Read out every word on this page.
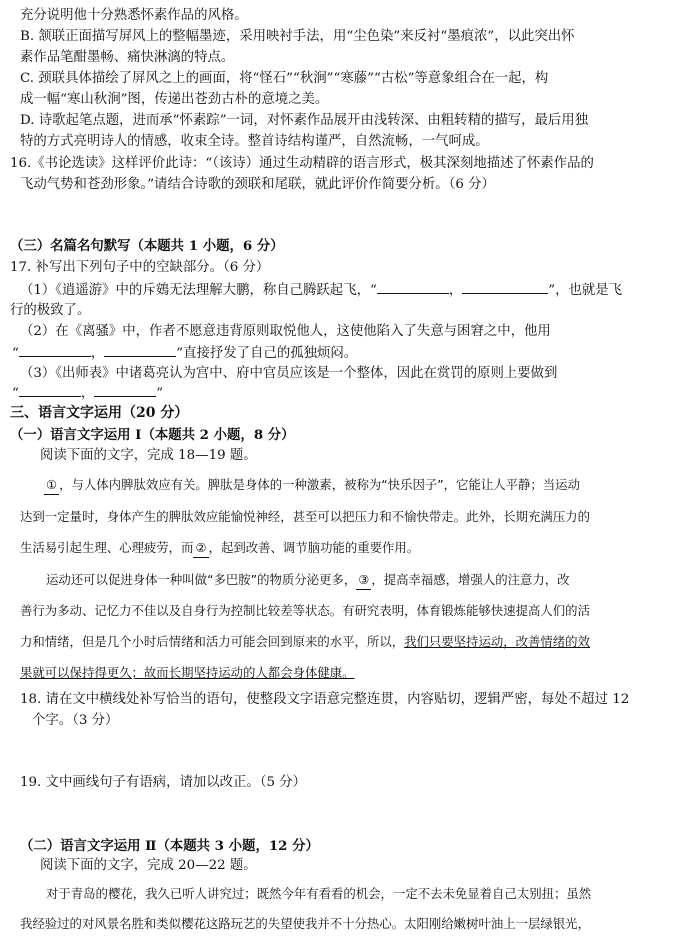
充分说明他十分熟悉怀素作品的风格。
B. 颔联正面描写屏风上的整幅墨迹，采用映衬手法，用“尘色染”来反衬“墨痕浓”，以此突出怀
素作品笔酣墨畅、痛快淋漓的特点。
C. 颈联具体描绘了屏风之上的画面，将“怪石”“秋涧”“寒藤”“古松”等意象组合在一起，构
成一幅“寒山秋涧”图，传递出苍劲古朴的意境之美。
D. 诗歌起笔点题，进而承“怀素踪”一词，对怀素作品展开由浅转深、由粗转精的描写，最后用独
特的方式亮明诗人的情感，收束全诗。整首诗结构谨严，自然流畅，一气呵成。
16.《书论选读》这样评价此诗：“（该诗）通过生动精辟的语言形式，极其深刻地描述了怀素作品的
飞动气势和苍劲形象。”请结合诗歌的颈联和尾联，就此评价作简要分析。（6 分）
（三）名篇名句默写（本题共 1 小题，6 分）
17. 补写出下列句子中的空缺部分。（6 分）
（1）《逍遥游》中的斥鴳无法理解大鹏，称自己腾跃起飞，“	，	”，也就是飞
行的极致了。
（2）在《离骚》中，作者不愿意违背原则取悦他人，这使他陷入了失意与困窘之中，他用
“	，	”直接抒发了自己的孤独烦闷。
（3）《出师表》中诸葛亮认为宫中、府中官员应该是一个整体，因此在赏罚的原则上要做到
“	，	”
三、语言文字运用（20 分）
（一）语言文字运用 Ⅰ（本题共 2 小题，8 分）
阅读下面的文字，完成 18—19 题。
① ，与人体内脾肽效应有关。脾肽是身体的一种激素，被称为“快乐因子”，它能让人平静；当运动
达到一定量时，身体产生的脾肽效应能愉悦神经，甚至可以把压力和不愉快带走。此外，长期充满压力的
生活易引起生理、心理疲劳，而 ② ，起到改善、调节脑功能的重要作用。
运动还可以促进身体一种叫做“多巴胺”的物质分泌更多， ③ ，提高幸福感，增强人的注意力，改
善行为多动、记忆力不佳以及自身行为控制比较差等状态。有研究表明，体育锻炼能够快速提高人们的活
力和情绪，但是几个小时后情绪和活力可能会回到原来的水平，所以，我们只要坚持运动，改善情绪的效
果就可以保持得更久；故而长期坚持运动的人都会身体健康。
18. 请在文中横线处补写恰当的语句，使整段文字语意完整连贯，内容贴切，逻辑严密，每处不超过 12
个字。（3 分）
19. 文中画线句子有语病，请加以改正。（5 分）
（二）语言文字运用 Ⅱ（本题共 3 小题，12 分）
阅读下面的文字，完成 20—22 题。
对于青岛的樱花，我久已听人讲究过；既然今年有看看的机会，一定不去未免显着自己太别扭；虽然
我经验过的对风景名胜和类似樱花这路玩艺的失望使我并不十分热心。太阳刚给嫩树叶油上一层绿银光，
